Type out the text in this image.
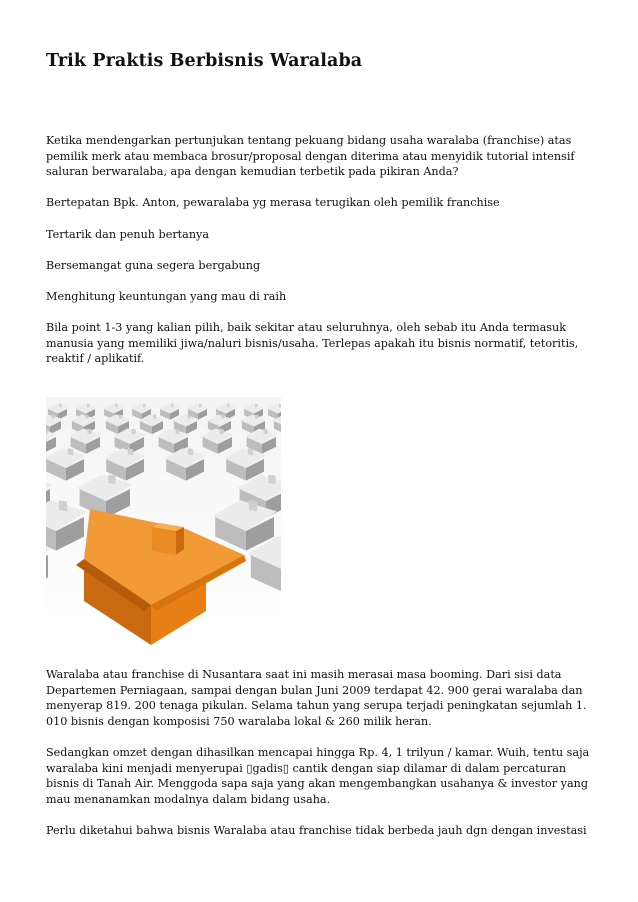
Trik Praktis Berbisnis Waralaba

Ketika mendengarkan pertunjukan tentang pekuang bidang usaha waralaba (franchise) atas pemilik merk atau membaca brosur/proposal dengan diterima atau menyidik tutorial intensif saluran berwaralaba, apa dengan kemudian terbetik pada pikiran Anda?

Bertepatan Bpk. Anton, pewaralaba yg merasa terugikan oleh pemilik franchise

Tertarik dan penuh bertanya

Bersemangat guna segera bergabung

Menghitung keuntungan yang mau di raih

Bila point 1-3 yang kalian pilih, baik sekitar atau seluruhnya, oleh sebab itu Anda termasuk manusia yang memiliki jiwa/naluri bisnis/usaha. Terlepas apakah itu bisnis normatif, tetoritis, reaktif / aplikatif.

Waralaba atau franchise di Nusantara saat ini masih merasai masa booming. Dari sisi data Departemen Perniagaan, sampai dengan bulan Juni 2009 terdapat 42. 900 gerai waralaba dan menyerap 819. 200 tenaga pikulan. Selama tahun yang serupa terjadi peningkatan sejumlah 1. 010 bisnis dengan komposisi 750 waralaba lokal & 260 milik heran.

Sedangkan omzet dengan dihasilkan mencapai hingga Rp. 4, 1 trilyun / kamar. Wuih, tentu saja waralaba kini menjadi menyerupai ▯gadis▯ cantik dengan siap dilamar di dalam percaturan bisnis di Tanah Air. Menggoda sapa saja yang akan mengembangkan usahanya & investor yang mau menanamkan modalnya dalam bidang usaha.

Perlu diketahui bahwa bisnis Waralaba atau franchise tidak berbeda jauh dgn dengan investasi
